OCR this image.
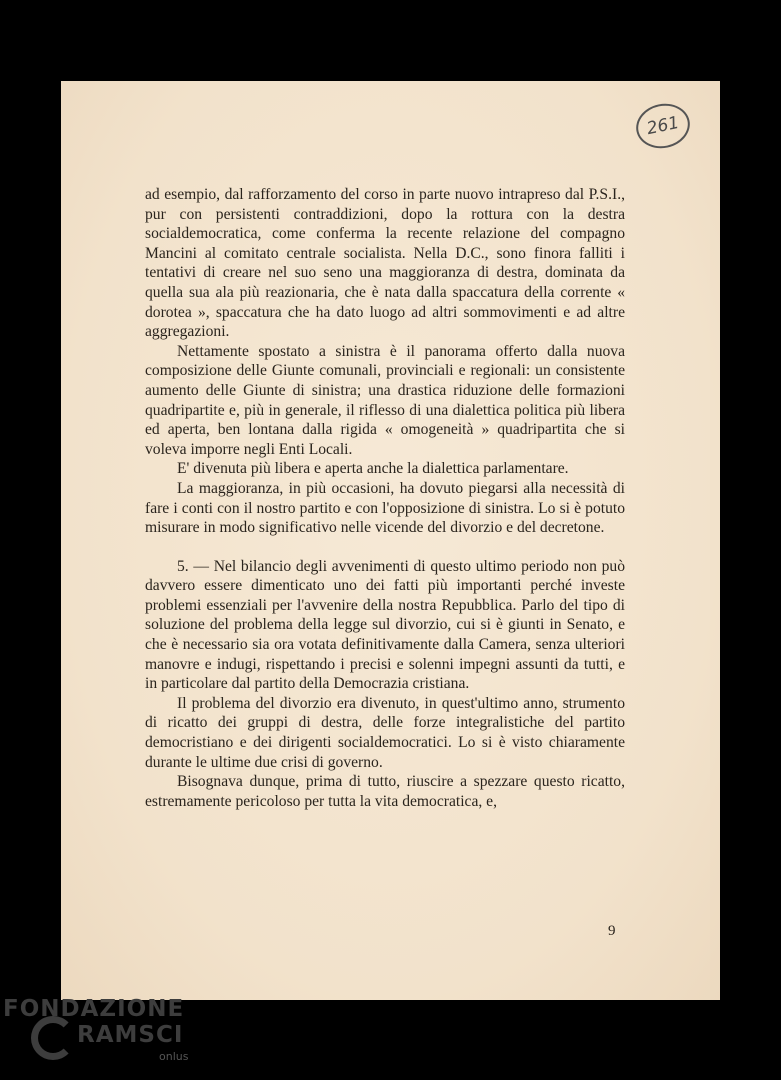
261

ad esempio, dal rafforzamento del corso in parte nuovo intrapreso dal P.S.I., pur con persistenti contraddizioni, dopo la rottura con la destra socialdemocratica, come conferma la recente relazione del compagno Mancini al comitato centrale socialista. Nella D.C., sono finora falliti i tentativi di creare nel suo seno una maggioranza di destra, dominata da quella sua ala più reazionaria, che è nata dalla spaccatura della corrente « dorotea », spaccatura che ha dato luogo ad altri sommovimenti e ad altre aggregazioni.

Nettamente spostato a sinistra è il panorama offerto dalla nuova composizione delle Giunte comunali, provinciali e regionali: un consistente aumento delle Giunte di sinistra; una drastica riduzione delle formazioni quadripartite e, più in generale, il riflesso di una dialettica politica più libera ed aperta, ben lontana dalla rigida « omogeneità » quadripartita che si voleva imporre negli Enti Locali.

E' divenuta più libera e aperta anche la dialettica parlamentare.

La maggioranza, in più occasioni, ha dovuto piegarsi alla necessità di fare i conti con il nostro partito e con l'opposizione di sinistra. Lo si è potuto misurare in modo significativo nelle vicende del divorzio e del decretone.

5. — Nel bilancio degli avvenimenti di questo ultimo periodo non può davvero essere dimenticato uno dei fatti più importanti perché investe problemi essenziali per l'avvenire della nostra Repubblica. Parlo del tipo di soluzione del problema della legge sul divorzio, cui si è giunti in Senato, e che è necessario sia ora votata definitivamente dalla Camera, senza ulteriori manovre e indugi, rispettando i precisi e solenni impegni assunti da tutti, e in particolare dal partito della Democrazia cristiana.

Il problema del divorzio era divenuto, in quest'ultimo anno, strumento di ricatto dei gruppi di destra, delle forze integralistiche del partito democristiano e dei dirigenti socialdemocratici. Lo si è visto chiaramente durante le ultime due crisi di governo.

Bisognava dunque, prima di tutto, riuscire a spezzare questo ricatto, estremamente pericoloso per tutta la vita democratica, e,

9
FONDAZIONE
RAMSCI
onlus
